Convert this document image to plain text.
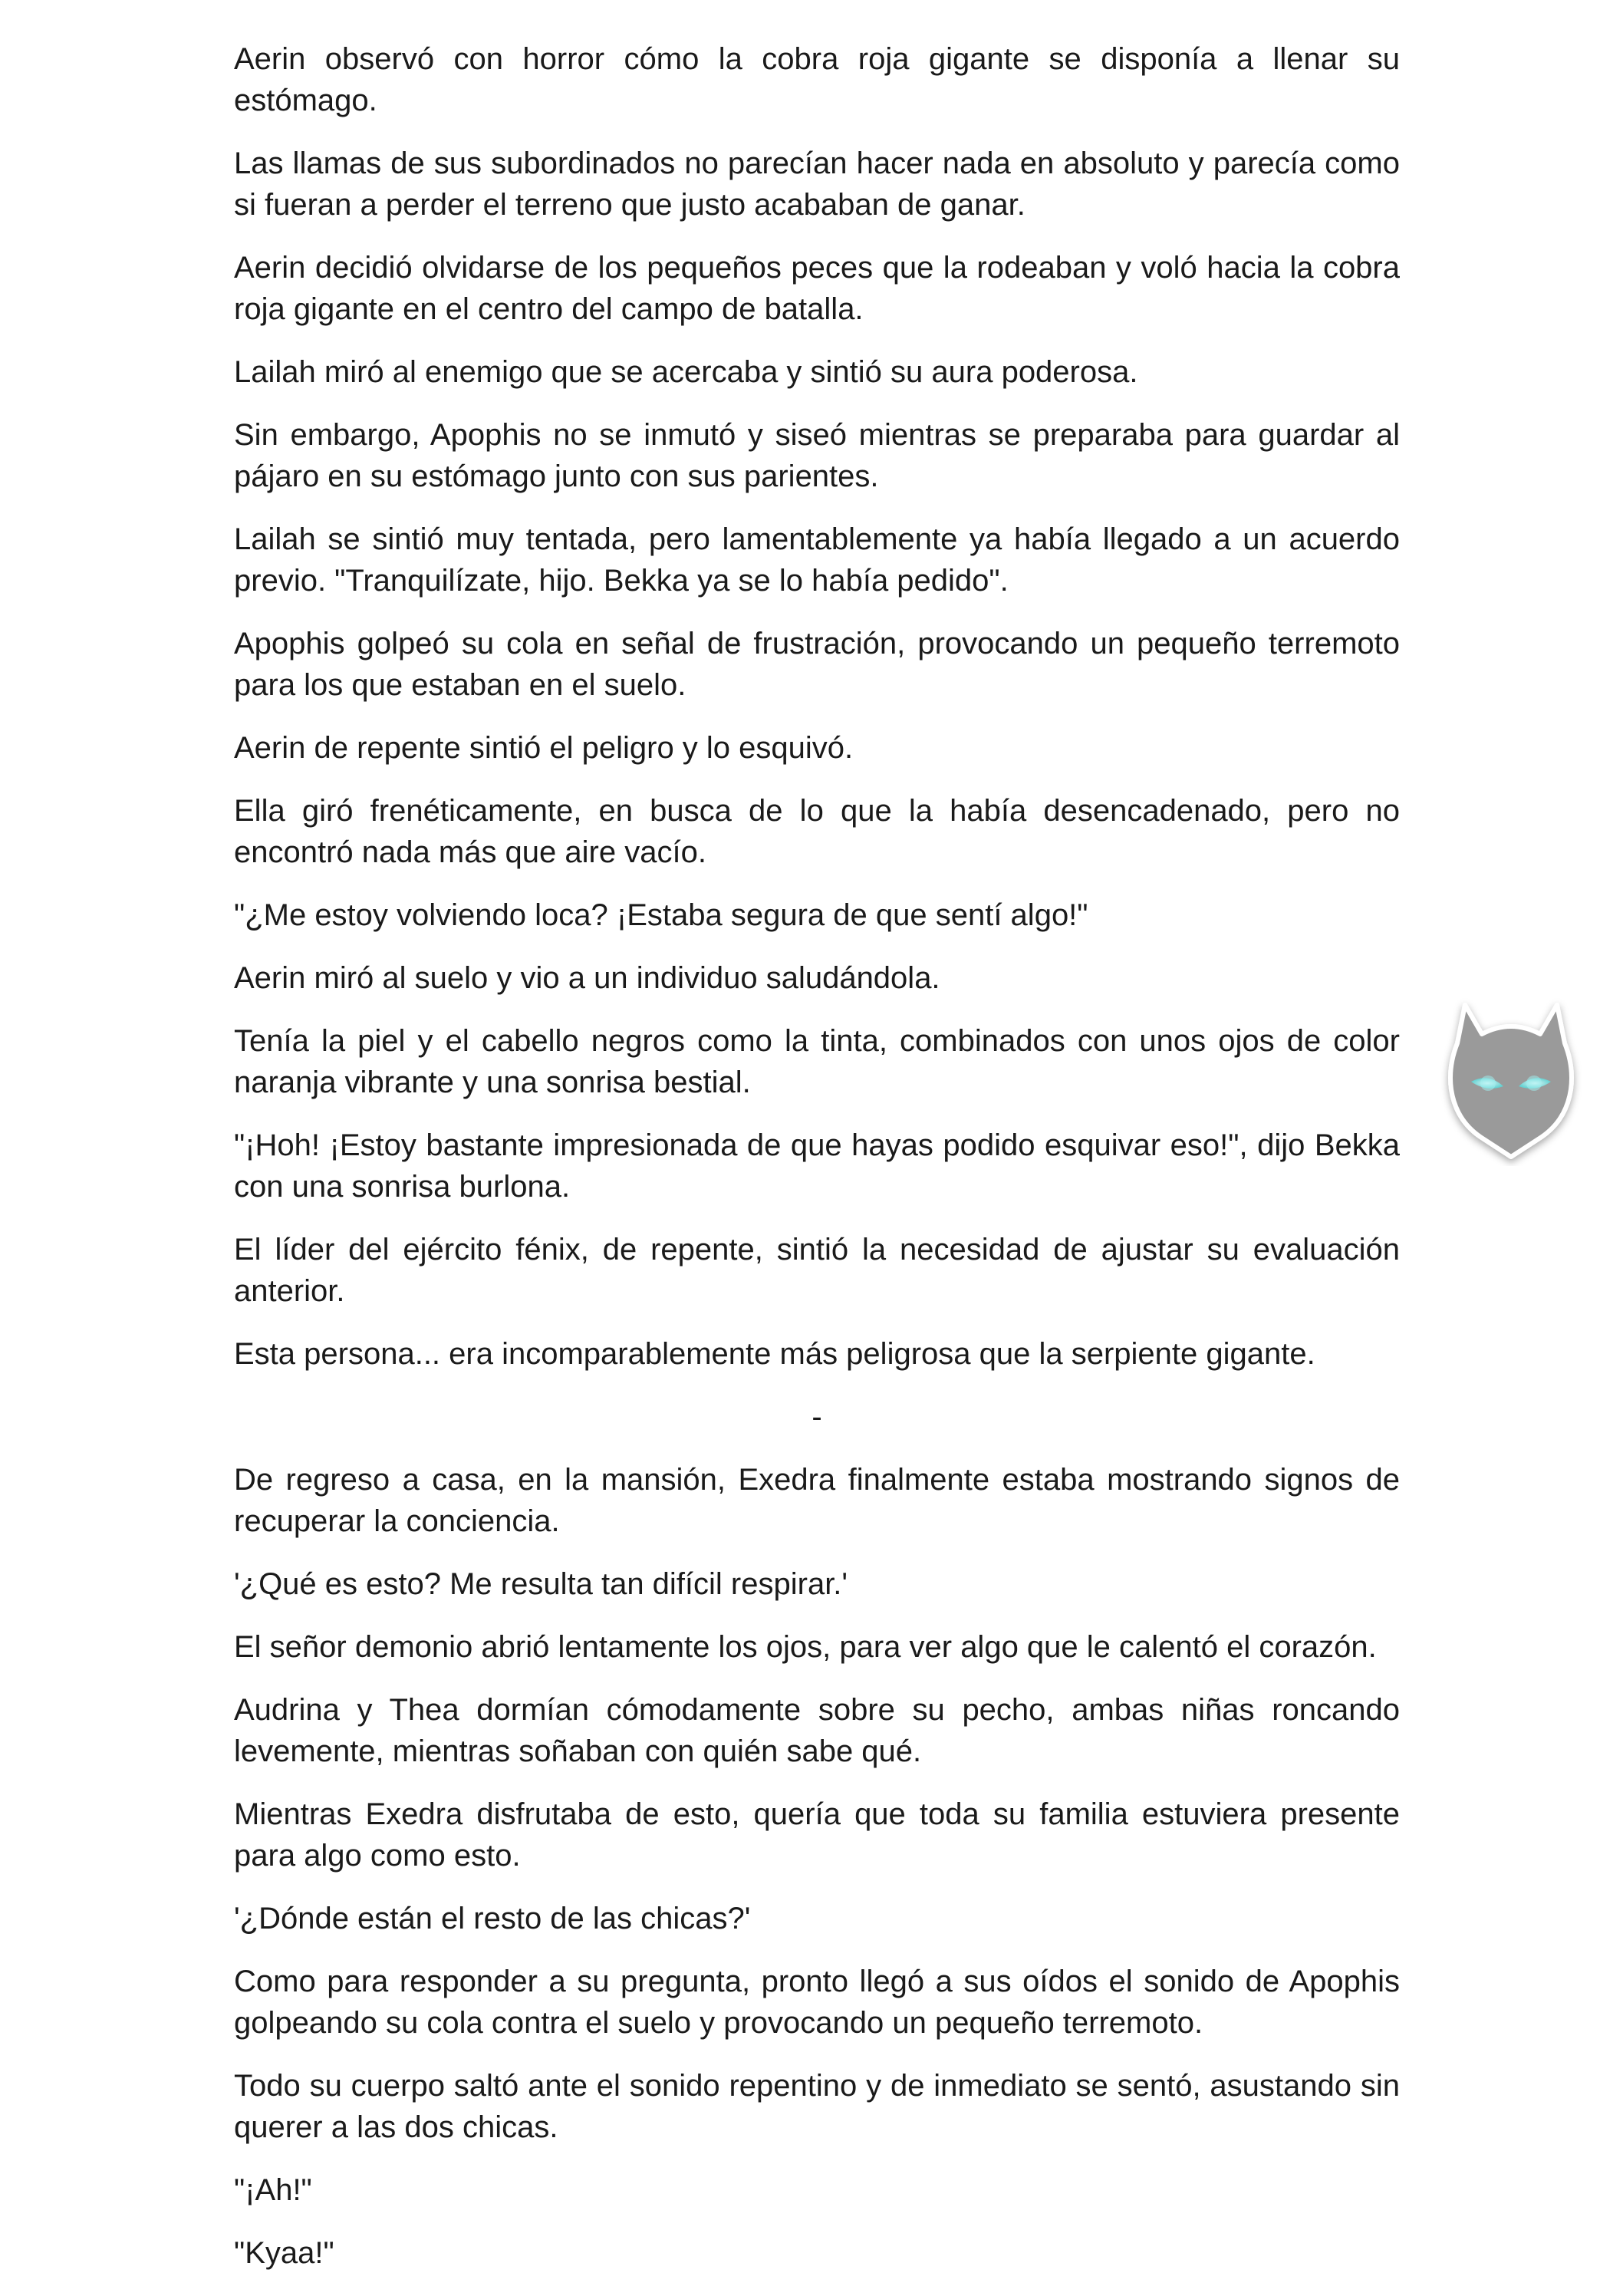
Aerin observó con horror cómo la cobra roja gigante se disponía a llenar su estómago.

Las llamas de sus subordinados no parecían hacer nada en absoluto y parecía como si fueran a perder el terreno que justo acababan de ganar.

Aerin decidió olvidarse de los pequeños peces que la rodeaban y voló hacia la cobra roja gigante en el centro del campo de batalla.

Lailah miró al enemigo que se acercaba y sintió su aura poderosa.

Sin embargo, Apophis no se inmutó y siseó mientras se preparaba para guardar al pájaro en su estómago junto con sus parientes.

Lailah se sintió muy tentada, pero lamentablemente ya había llegado a un acuerdo previo. "Tranquilízate, hijo. Bekka ya se lo había pedido".

Apophis golpeó su cola en señal de frustración, provocando un pequeño terremoto para los que estaban en el suelo.

Aerin de repente sintió el peligro y lo esquivó.

Ella giró frenéticamente, en busca de lo que la había desencadenado, pero no encontró nada más que aire vacío.

"¿Me estoy volviendo loca? ¡Estaba segura de que sentí algo!"

Aerin miró al suelo y vio a un individuo saludándola.

Tenía la piel y el cabello negros como la tinta, combinados con unos ojos de color naranja vibrante y una sonrisa bestial.

"¡Hoh! ¡Estoy bastante impresionada de que hayas podido esquivar eso!", dijo Bekka con una sonrisa burlona.

El líder del ejército fénix, de repente, sintió la necesidad de ajustar su evaluación anterior.

Esta persona... era incomparablemente más peligrosa que la serpiente gigante.

-

De regreso a casa, en la mansión, Exedra finalmente estaba mostrando signos de recuperar la conciencia.

'¿Qué es esto? Me resulta tan difícil respirar.'

El señor demonio abrió lentamente los ojos, para ver algo que le calentó el corazón.

Audrina y Thea dormían cómodamente sobre su pecho, ambas niñas roncando levemente, mientras soñaban con quién sabe qué.

Mientras Exedra disfrutaba de esto, quería que toda su familia estuviera presente para algo como esto.

'¿Dónde están el resto de las chicas?'

Como para responder a su pregunta, pronto llegó a sus oídos el sonido de Apophis golpeando su cola contra el suelo y provocando un pequeño terremoto.

Todo su cuerpo saltó ante el sonido repentino y de inmediato se sentó, asustando sin querer a las dos chicas.

"¡Ah!"

"Kyaa!"
